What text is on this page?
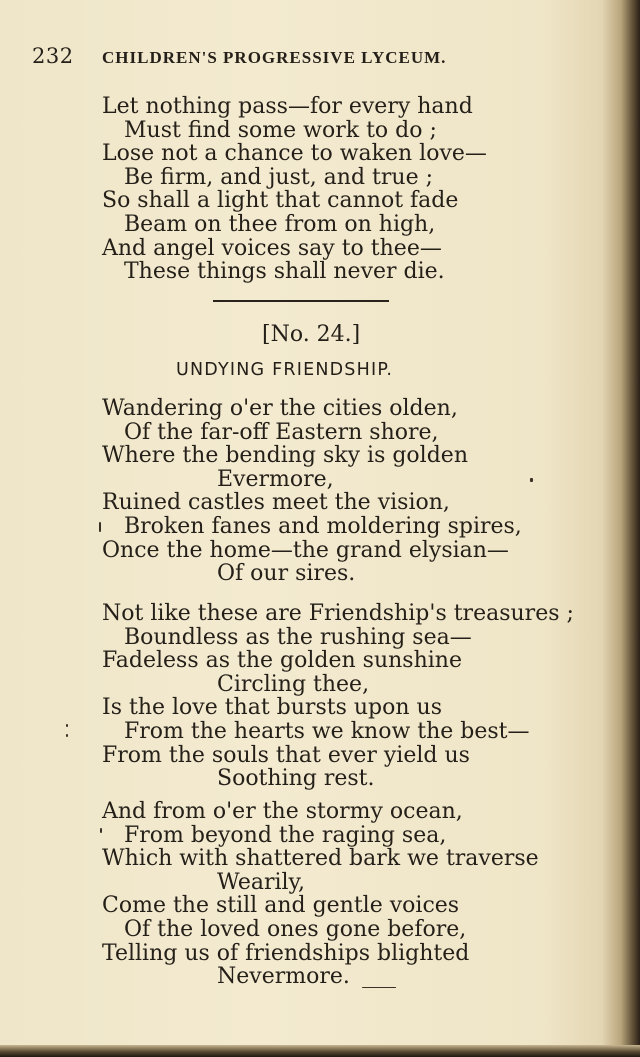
232 CHILDREN'S PROGRESSIVE LYCEUM.
Let nothing pass—for every hand
Must find some work to do ;
Lose not a chance to waken love—
Be firm, and just, and true ;
So shall a light that cannot fade
Beam on thee from on high,
And angel voices say to thee—
These things shall never die.
[No. 24.]
UNDYING FRIENDSHIP.
Wandering o'er the cities olden,
Of the far-off Eastern shore,
Where the bending sky is golden
Evermore,
Ruined castles meet the vision,
Broken fanes and moldering spires,
Once the home—the grand elysian—
Of our sires.
Not like these are Friendship's treasures ;
Boundless as the rushing sea—
Fadeless as the golden sunshine
Circling thee,
Is the love that bursts upon us
From the hearts we know the best—
From the souls that ever yield us
Soothing rest.
And from o'er the stormy ocean,
From beyond the raging sea,
Which with shattered bark we traverse
Wearily,
Come the still and gentle voices
Of the loved ones gone before,
Telling us of friendships blighted
Nevermore.
